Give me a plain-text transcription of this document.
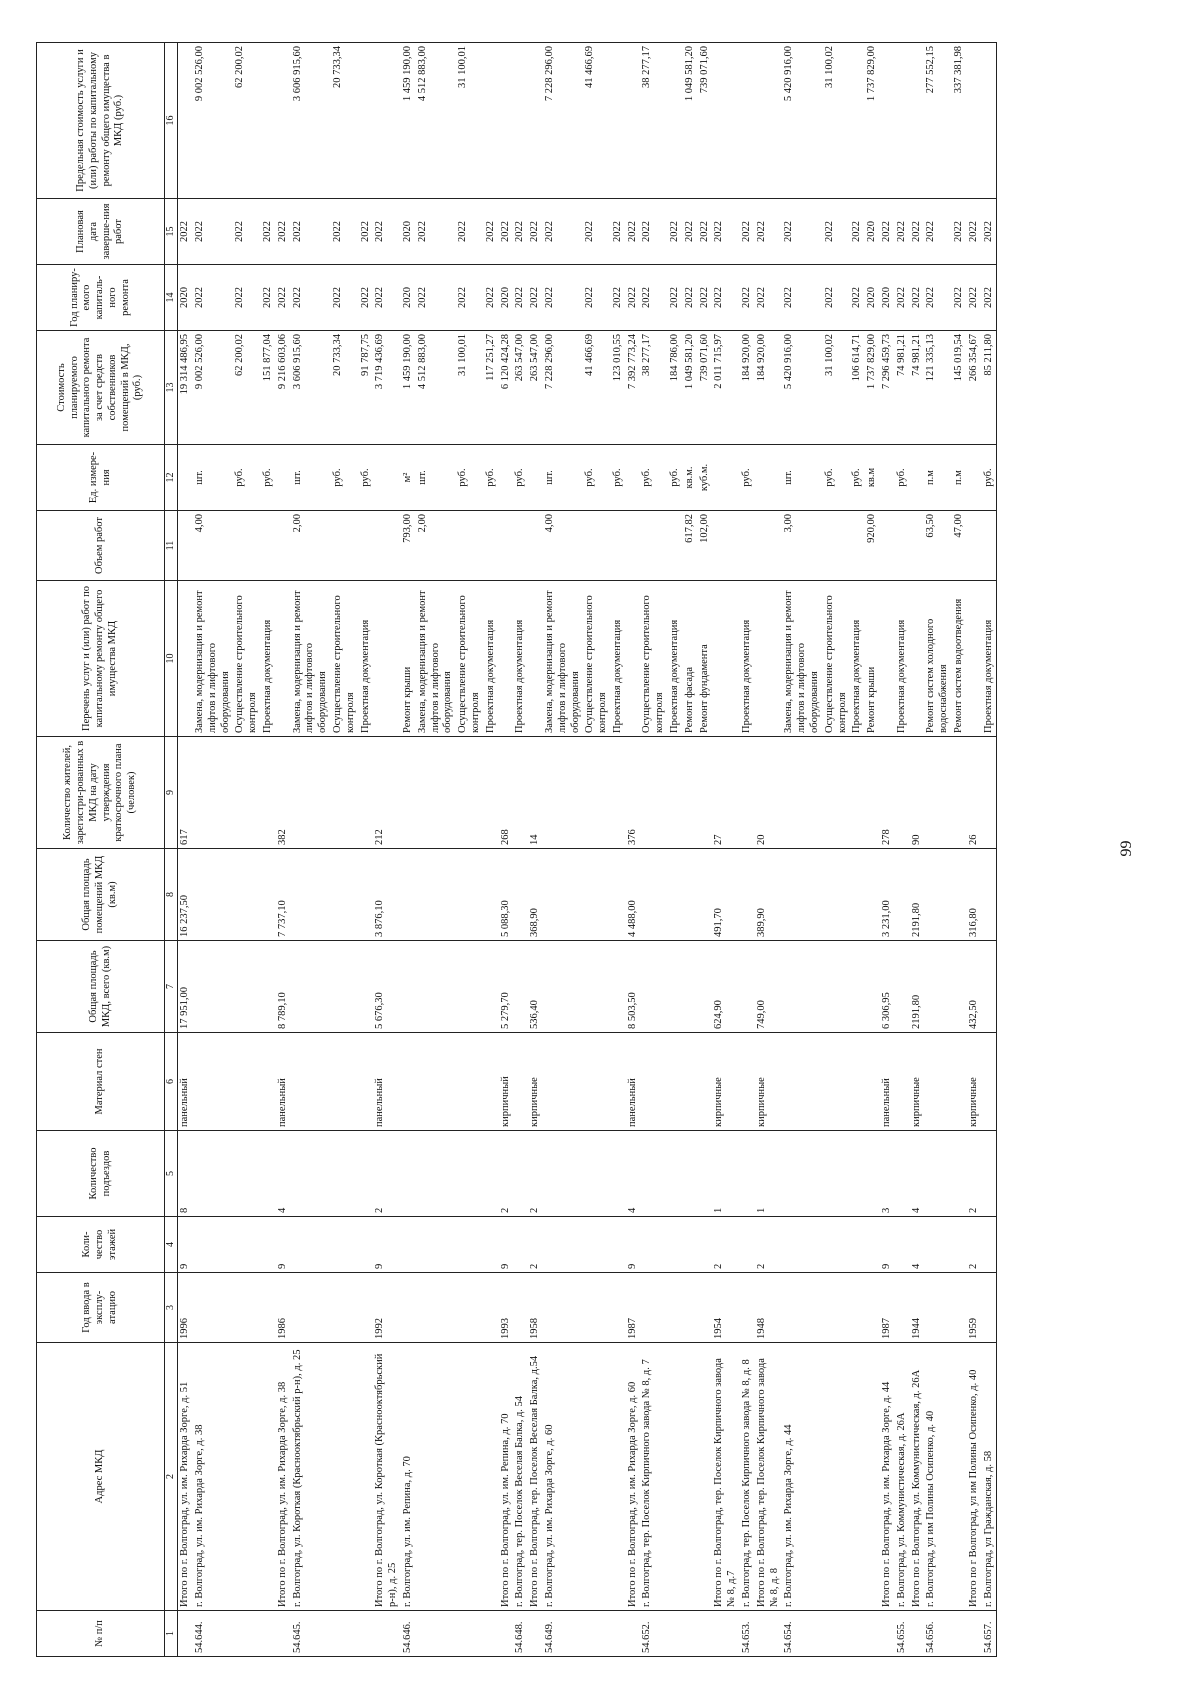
99
№ п/п	Адрес МКД	Год ввода в эксплу-атацию	Коли-чество этажей	Количество подъездов	Материал стен	Общая площадь МКД, всего (кв.м)	Общая площадь помещений МКД (кв.м)	Количество жителей, зарегистри-рованных в МКД на дату утверждения краткосрочного плана (человек)	Перечень услуг и (или) работ по капитальному ремонту общего имущества МКД	Объем работ	Ед. измере-ния	Стоимость планируемого капитального ремонта за счет средств собственников помещений в МКД, (руб.)	Год планиру-емого капиталь-ного ремонта	Плановая дата заверше-ния работ	Предельная стоимость услуги и (или) работы по капитальному ремонту общего имущества в МКД (руб.)
1	2	3	4	5	6	7	8	9	10	11	12	13	14	15	16
	Итого по г. Волгоград, ул. им. Рихарда Зорге, д. 51	1996	9	8	панельный	17 951,00	16 237,50	617				19 314 486,95	2020	2022	
54.644.	г. Волгоград, ул. им. Рихарда Зорге, д. 38								Замена, модернизация и ремонт лифтов и лифтового оборудования	4,00	шт.	9 002 526,00	2022	2022	9 002 526,00
									Осуществление строительного контроля		руб.	62 200,02	2022	2022	62 200,02
									Проектная документация		руб.	151 877,04	2022	2022	
	Итого по г. Волгоград, ул. им. Рихарда Зорге, д. 38	1986	9	4	панельный	8 789,10	7 737,10	382				9 216 603,06	2022	2022	
54.645.	г. Волгоград, ул. Короткая (Краснооктябрьский р-н), д. 25								Замена, модернизация и ремонт лифтов и лифтового оборудования	2,00	шт.	3 606 915,60	2022	2022	3 606 915,60
									Осуществление строительного контроля		руб.	20 733,34	2022	2022	20 733,34
									Проектная документация		руб.	91 787,75	2022	2022	
	Итого по г. Волгоград, ул. Короткая (Краснооктябрьский р-н), д. 25	1992	9	2	панельный	5 676,30	3 876,10	212				3 719 436,69	2022	2022	
54.646.	г. Волгоград, ул. им. Репина, д. 70								Ремонт крыши	793,00	м²	1 459 190,00	2020	2020	1 459 190,00
									Замена, модернизация и ремонт лифтов и лифтового оборудования	2,00	шт.	4 512 883,00	2022	2022	4 512 883,00
									Осуществление строительного контроля		руб.	31 100,01	2022	2022	31 100,01
									Проектная документация		руб.	117 251,27	2022	2022	
	Итого по г. Волгоград, ул. им. Репина, д. 70	1993	9	2	кирпичный	5 279,70	5 088,30	268				6 120 424,28	2020	2022	
54.648.	г. Волгоград, тер. Поселок Веселая Балка, д. 54								Проектная документация		руб.	263 547,00	2022	2022	
	Итого по г. Волгоград, тер. Поселок Веселая Балка, д.54	1958	2	2	кирпичные	536,40	368,90	14				263 547,00	2022	2022	
54.649.	г. Волгоград, ул. им. Рихарда Зорге, д. 60								Замена, модернизация и ремонт лифтов и лифтового оборудования	4,00	шт.	7 228 296,00	2022	2022	7 228 296,00
									Осуществление строительного контроля		руб.	41 466,69	2022	2022	41 466,69
									Проектная документация		руб.	123 010,55	2022	2022	
	Итого по г. Волгоград, ул. им. Рихарда Зорге, д. 60	1987	9	4	панельный	8 503,50	4 488,00	376				7 392 773,24	2022	2022	
54.652.	г. Волгоград, тер. Поселок Кирпичного завода № 8, д. 7								Осуществление строительного контроля		руб.	38 277,17	2022	2022	38 277,17
									Проектная документация		руб.	184 786,00	2022	2022	
									Ремонт фасада	617,82	кв.м.	1 049 581,20	2022	2022	1 049 581,20
									Ремонт фундамента	102,00	куб.м.	739 071,60	2022	2022	739 071,60
	Итого по г. Волгоград, тер. Поселок Кирпичного завода № 8, д.7	1954	2	1	кирпичные	624,90	491,70	27				2 011 715,97	2022	2022	
54.653.	г. Волгоград, тер. Поселок Кирпичного завода № 8, д. 8								Проектная документация		руб.	184 920,00	2022	2022	
	Итого по г. Волгоград, тер. Поселок Кирпичного завода № 8, д. 8	1948	2	1	кирпичные	749,00	389,90	20				184 920,00	2022	2022	
54.654.	г. Волгоград, ул. им. Рихарда Зорге, д. 44								Замена, модернизация и ремонт лифтов и лифтового оборудования	3,00	шт.	5 420 916,00	2022	2022	5 420 916,00
									Осуществление строительного контроля		руб.	31 100,02	2022	2022	31 100,02
									Проектная документация		руб.	106 614,71	2022	2022	
									Ремонт крыши	920,00	кв.м	1 737 829,00	2020	2020	1 737 829,00
	Итого по г. Волгоград, ул. им. Рихарда Зорге, д. 44	1987	9	3	панельный	6 306,95	3 231,00	278				7 296 459,73	2020	2022	
54.655.	г. Волгоград, ул. Коммунистическая, д. 26А								Проектная документация		руб.	74 981,21	2022	2022	
	Итого по г. Волгоград, ул. Коммунистическая, д. 26А	1944	4	4	кирпичные	2191,80	2191,80	90				74 981,21	2022	2022	
54.656.	г. Волгоград, ул им Полины Осипенко, д. 40								Ремонт систем холодного водоснабжения	63,50	п.м	121 335,13	2022	2022	277 552,15
									Ремонт систем водоотведения	47,00	п.м	145 019,54	2022	2022	337 381,98
	Итого по г Волгоград, ул им Полины Осипенко, д. 40	1959	2	2	кирпичные	432,50	316,80	26				266 354,67	2022	2022	
54.657.	г. Волгоград, ул Гражданская, д. 58								Проектная документация		руб.	85 211,80	2022	2022	
